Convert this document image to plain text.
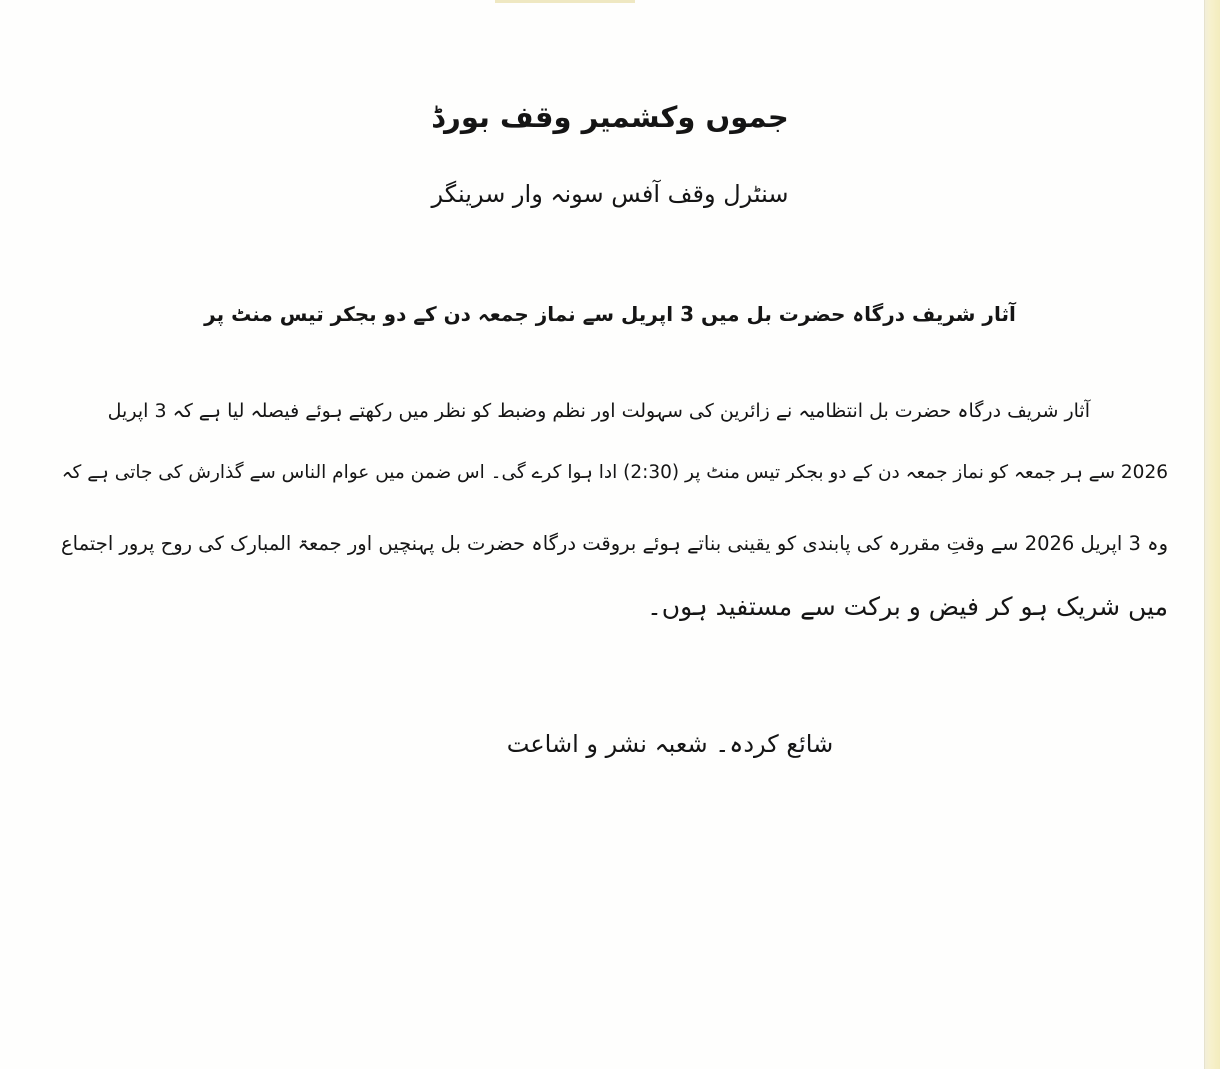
جموں وکشمیر وقف بورڈ
سنٹرل وقف آفس سونہ وار سرینگر
آثار شریف درگاہ حضرت بل میں 3 اپریل سے نماز جمعہ دن کے دو بجکر تیس منٹ پر
آثار شریف درگاہ حضرت بل انتظامیہ نے زائرین کی سہولت اور نظم وضبط کو نظر میں رکھتے ہوئے فیصلہ لیا ہے کہ 3 اپریل
2026 سے ہر جمعہ کو نماز جمعہ دن کے دو بجکر تیس منٹ پر (2:30) ادا ہوا کرے گی۔ اس ضمن میں عوام الناس سے گذارش کی جاتی ہے کہ
وہ 3 اپریل 2026 سے وقتِ مقررہ کی پابندی کو یقینی بناتے ہوئے بروقت درگاہ حضرت بل پہنچیں اور جمعۃ المبارک کی روح پرور اجتماع
میں شریک ہو کر فیض و برکت سے مستفید ہوں۔
شائع کردہ۔ شعبہ نشر و اشاعت
